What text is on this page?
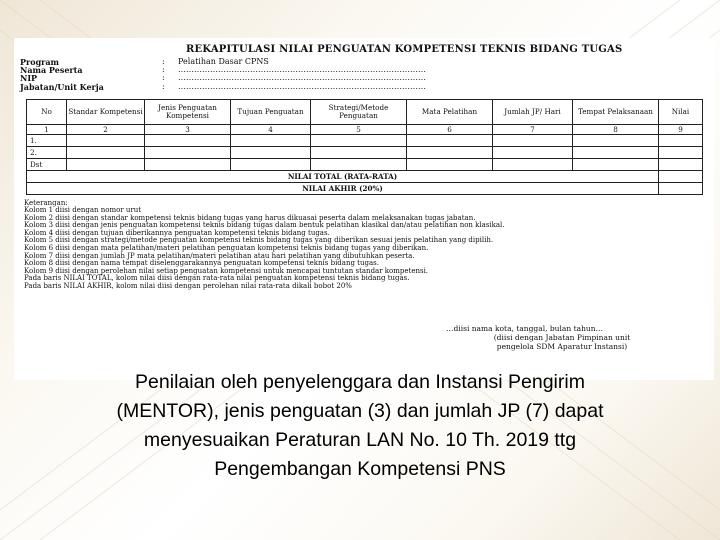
REKAPITULASI NILAI PENGUATAN KOMPETENSI TEKNIS BIDANG TUGAS
Program	: Pelatihan Dasar CPNS
Nama Peserta	: …………………………………………………………………………………
NIP	: …………………………………………………………………………………
Jabatan/Unit Kerja	: …………………………………………………………………………………
No	Standar Kompetensi	Jenis Penguatan Kompetensi	Tujuan Penguatan	Strategi/Metode Penguatan	Mata Pelatihan	Jumlah JP/ Hari	Tempat Pelaksanaan	Nilai
1	2	3	4	5	6	7	8	9
1.								
2.								
Dst								
NILAI TOTAL (RATA-RATA)								
NILAI AKHIR (20%)								
Keterangan:
Kolom 1 diisi dengan nomor urut
Kolom 2 diisi dengan standar kompetensi teknis bidang tugas yang harus dikuasai peserta dalam melaksanakan tugas jabatan.
Kolom 3 diisi dengan jenis penguatan kompetensi teknis bidang tugas dalam bentuk pelatihan klasikal dan/atau pelatihan non klasikal.
Kolom 4 diisi dengan tujuan diberikannya penguatan kompetensi teknis bidang tugas.
Kolom 5 diisi dengan strategi/metode penguatan kompetensi teknis bidang tugas yang diberikan sesuai jenis pelatihan yang dipilih.
Kolom 6 diisi dengan mata pelatihan/materi pelatihan penguatan kompetensi teknis bidang tugas yang diberikan.
Kolom 7 diisi dengan jumlah JP mata pelatihan/materi pelatihan atau hari pelatihan yang dibutuhkan peserta.
Kolom 8 diisi dengan nama tempat diselenggarakannya penguatan kompetensi teknis bidang tugas.
Kolom 9 diisi dengan perolehan nilai setiap penguatan kompetensi untuk mencapai tuntutan standar kompetensi.
Pada baris NILAI TOTAL, kolom nilai diisi dengan rata-rata nilai penguatan kompetensi teknis bidang tugas.
Pada baris NILAI AKHIR, kolom nilai diisi dengan perolehan nilai rata-rata dikali bobot 20%
…diisi nama kota, tanggal, bulan tahun…
(diisi dengan Jabatan Pimpinan unit
pengelola SDM Aparatur Instansi)
Penilaian oleh penyelenggara dan Instansi Pengirim
(MENTOR), jenis penguatan (3) dan jumlah JP (7) dapat
menyesuaikan Peraturan LAN No. 10 Th. 2019 ttg
Pengembangan Kompetensi PNS
